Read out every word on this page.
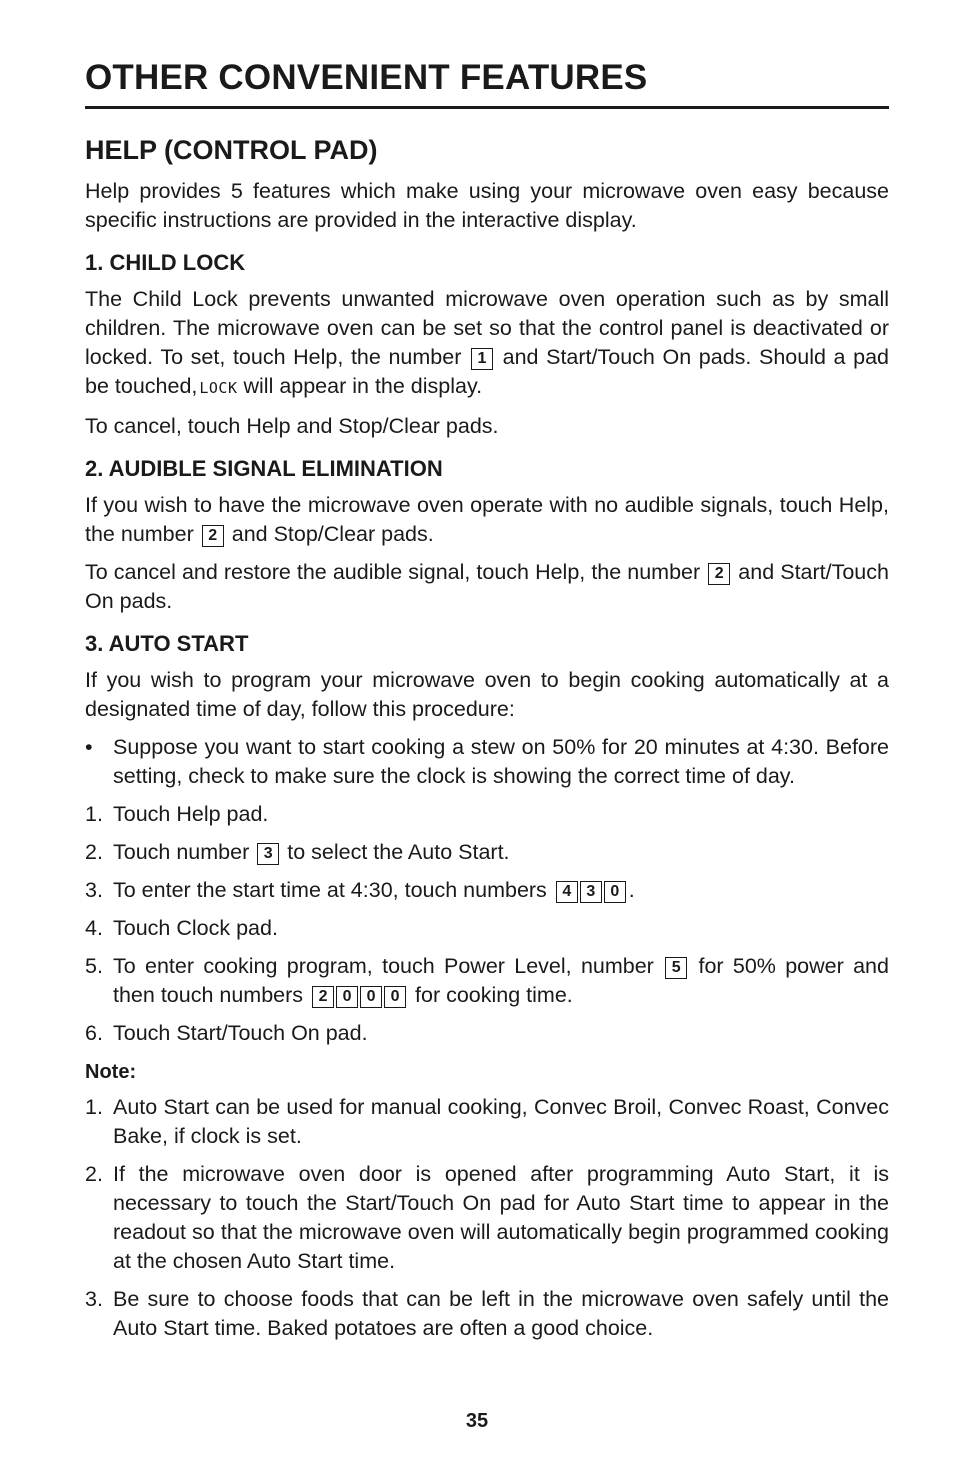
OTHER CONVENIENT FEATURES
HELP (CONTROL PAD)

Help provides 5 features which make using your microwave oven easy because specific instructions are provided in the interactive display.

1. CHILD LOCK

The Child Lock prevents unwanted microwave oven operation such as by small children. The microwave oven can be set so that the control panel is deactivated or locked. To set, touch Help, the number 1 and Start/Touch On pads. Should a pad be touched, LOCK will appear in the display.

To cancel, touch Help and Stop/Clear pads.

2. AUDIBLE SIGNAL ELIMINATION

If you wish to have the microwave oven operate with no audible signals, touch Help, the number 2 and Stop/Clear pads.

To cancel and restore the audible signal, touch Help, the number 2 and Start/Touch On pads.

3. AUTO START

If you wish to program your microwave oven to begin cooking automatically at a designated time of day, follow this procedure:

• Suppose you want to start cooking a stew on 50% for 20 minutes at 4:30. Before setting, check to make sure the clock is showing the correct time of day.
1. Touch Help pad.
2. Touch number 3 to select the Auto Start.
3. To enter the start time at 4:30, touch numbers 4 3 0 .
4. Touch Clock pad.
5. To enter cooking program, touch Power Level, number 5 for 50% power and then touch numbers 2 0 0 0 for cooking time.
6. Touch Start/Touch On pad.
Note:
1. Auto Start can be used for manual cooking, Convec Broil, Convec Roast, Convec Bake, if clock is set.
2. If the microwave oven door is opened after programming Auto Start, it is necessary to touch the Start/Touch On pad for Auto Start time to appear in the readout so that the microwave oven will automatically begin programmed cooking at the chosen Auto Start time.
3. Be sure to choose foods that can be left in the microwave oven safely until the Auto Start time. Baked potatoes are often a good choice.
35
